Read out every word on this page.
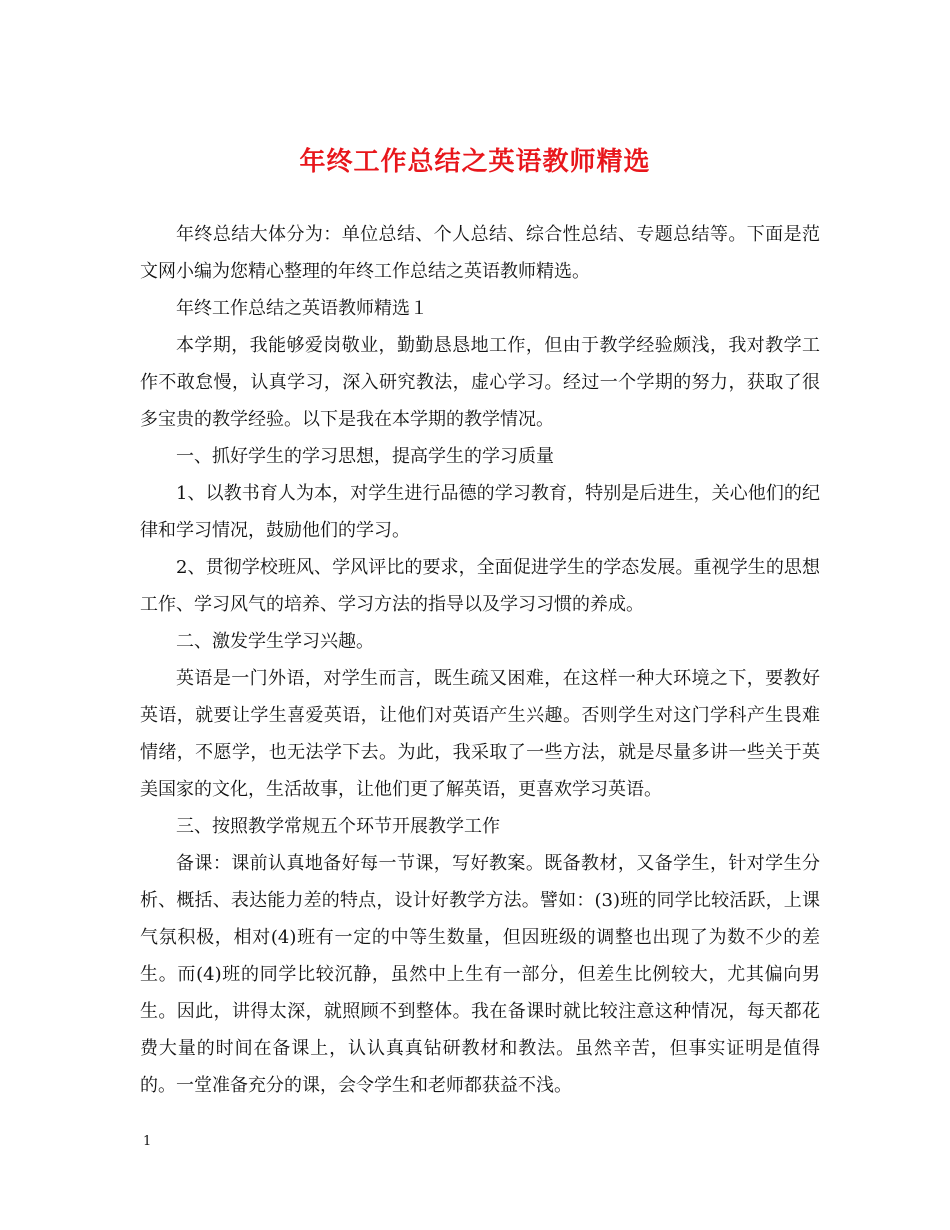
年终工作总结之英语教师精选

年终总结大体分为：单位总结、个人总结、综合性总结、专题总结等。下面是范文网小编为您精心整理的年终工作总结之英语教师精选。

年终工作总结之英语教师精选１

本学期，我能够爱岗敬业，勤勤恳恳地工作，但由于教学经验颇浅，我对教学工作不敢怠慢，认真学习，深入研究教法，虚心学习。经过一个学期的努力，获取了很多宝贵的教学经验。以下是我在本学期的教学情况。

一、抓好学生的学习思想，提高学生的学习质量

1、以教书育人为本，对学生进行品德的学习教育，特别是后进生，关心他们的纪律和学习情况，鼓励他们的学习。

2、贯彻学校班风、学风评比的要求，全面促进学生的学态发展。重视学生的思想工作、学习风气的培养、学习方法的指导以及学习习惯的养成。

二、激发学生学习兴趣。

英语是一门外语，对学生而言，既生疏又困难，在这样一种大环境之下，要教好英语，就要让学生喜爱英语，让他们对英语产生兴趣。否则学生对这门学科产生畏难情绪，不愿学，也无法学下去。为此，我采取了一些方法，就是尽量多讲一些关于英美国家的文化，生活故事，让他们更了解英语，更喜欢学习英语。

三、按照教学常规五个环节开展教学工作

备课：课前认真地备好每一节课，写好教案。既备教材，又备学生，针对学生分析、概括、表达能力差的特点，设计好教学方法。譬如：(3)班的同学比较活跃，上课气氛积极，相对(4)班有一定的中等生数量，但因班级的调整也出现了为数不少的差生。而(4)班的同学比较沉静，虽然中上生有一部分，但差生比例较大，尤其偏向男生。因此，讲得太深，就照顾不到整体。我在备课时就比较注意这种情况，每天都花费大量的时间在备课上，认认真真钻研教材和教法。虽然辛苦，但事实证明是值得的。一堂准备充分的课，会令学生和老师都获益不浅。

1
